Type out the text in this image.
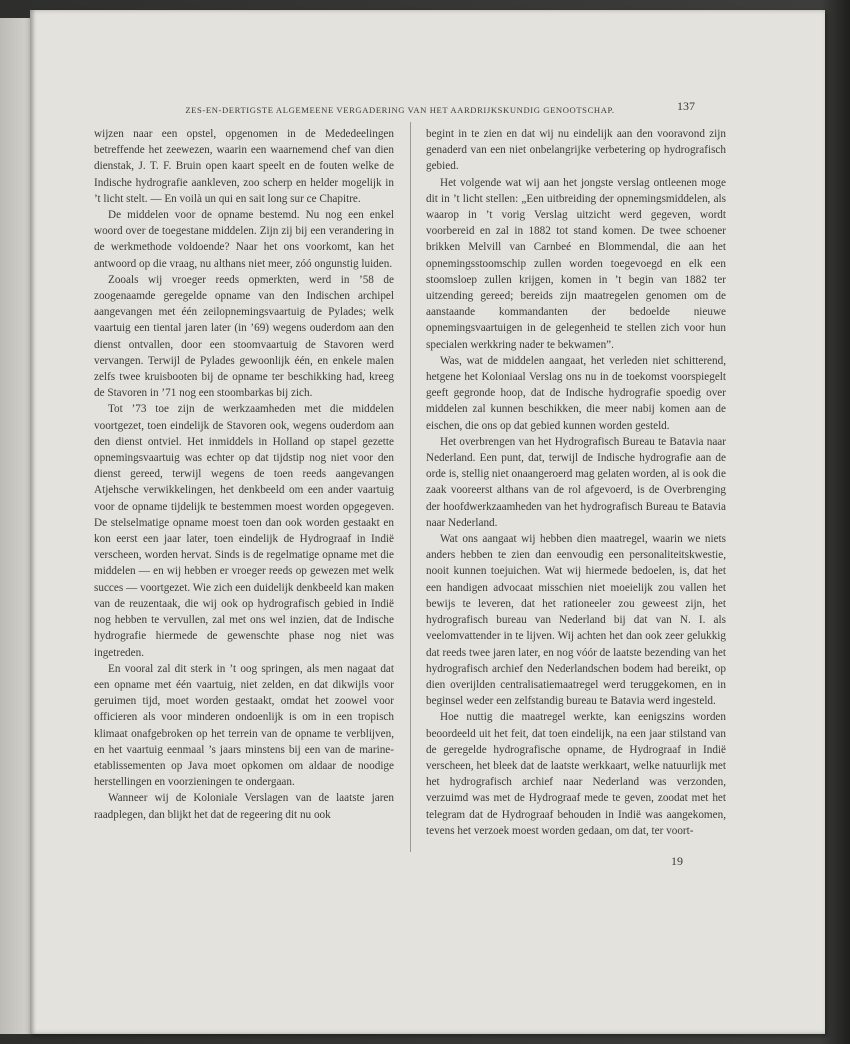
ZES-EN-DERTIGSTE ALGEMEENE VERGADERING VAN HET AARDRIJKSKUNDIG GENOOTSCHAP.	137

wijzen naar een opstel, opgenomen in de Mededeelingen betreffende het zeewezen, waarin een waarnemend chef van dien dienstak, J. T. F. Bruin open kaart speelt en de fouten welke de Indische hydrografie aankleven, zoo scherp en helder mogelijk in ’t licht stelt. — En voilà un qui en sait long sur ce Chapitre.

De middelen voor de opname bestemd. Nu nog een enkel woord over de toegestane middelen. Zijn zij bij een verandering in de werkmethode voldoende? Naar het ons voorkomt, kan het antwoord op die vraag, nu althans niet meer, zóó ongunstig luiden.

Zooals wij vroeger reeds opmerkten, werd in ’58 de zoogenaamde geregelde opname van den Indischen archipel aangevangen met één zeilopnemingsvaartuig de Pylades; welk vaartuig een tiental jaren later (in ’69) wegens ouderdom aan den dienst ontvallen, door een stoomvaartuig de Stavoren werd vervangen. Terwijl de Pylades gewoonlijk één, en enkele malen zelfs twee kruisbooten bij de opname ter beschikking had, kreeg de Stavoren in ’71 nog een stoombarkas bij zich.

Tot ’73 toe zijn de werkzaamheden met die middelen voortgezet, toen eindelijk de Stavoren ook, wegens ouderdom aan den dienst ontviel. Het inmiddels in Holland op stapel gezette opnemingsvaartuig was echter op dat tijdstip nog niet voor den dienst gereed, terwijl wegens de toen reeds aangevangen Atjehsche verwikkelingen, het denkbeeld om een ander vaartuig voor de opname tijdelijk te bestemmen moest worden opgegeven. De stelselmatige opname moest toen dan ook worden gestaakt en kon eerst een jaar later, toen eindelijk de Hydrograaf in Indië verscheen, worden hervat. Sinds is de regelmatige opname met die middelen — en wij hebben er vroeger reeds op gewezen met welk succes — voortgezet. Wie zich een duidelijk denkbeeld kan maken van de reuzentaak, die wij ook op hydrografisch gebied in Indië nog hebben te vervullen, zal met ons wel inzien, dat de Indische hydrografie hiermede de gewenschte phase nog niet was ingetreden.

En vooral zal dit sterk in ’t oog springen, als men nagaat dat een opname met één vaartuig, niet zelden, en dat dikwijls voor geruimen tijd, moet worden gestaakt, omdat het zoowel voor officieren als voor minderen ondoenlijk is om in een tropisch klimaat onafgebroken op het terrein van de opname te verblijven, en het vaartuig eenmaal ’s jaars minstens bij een van de marine-etablissementen op Java moet opkomen om aldaar de noodige herstellingen en voorzieningen te ondergaan.

Wanneer wij de Koloniale Verslagen van de laatste jaren raadplegen, dan blijkt het dat de regeering dit nu ook

begint in te zien en dat wij nu eindelijk aan den vooravond zijn genaderd van een niet onbelangrijke verbetering op hydrografisch gebied.

Het volgende wat wij aan het jongste verslag ontleenen moge dit in ’t licht stellen: „Een uitbreiding der opnemingsmiddelen, als waarop in ’t vorig Verslag uitzicht werd gegeven, wordt voorbereid en zal in 1882 tot stand komen. De twee schoener brikken Melvill van Carnbeé en Blommendal, die aan het opnemingsstoomschip zullen worden toegevoegd en elk een stoomsloep zullen krijgen, komen in ’t begin van 1882 ter uitzending gereed; bereids zijn maatregelen genomen om de aanstaande kommandanten der bedoelde nieuwe opnemingsvaartuigen in de gelegenheid te stellen zich voor hun specialen werkkring nader te bekwamen”.

Was, wat de middelen aangaat, het verleden niet schitterend, hetgene het Koloniaal Verslag ons nu in de toekomst voorspiegelt geeft gegronde hoop, dat de Indische hydrografie spoedig over middelen zal kunnen beschikken, die meer nabij komen aan de eischen, die ons op dat gebied kunnen worden gesteld.

Het overbrengen van het Hydrografisch Bureau te Batavia naar Nederland. Een punt, dat, terwijl de Indische hydrografie aan de orde is, stellig niet onaangeroerd mag gelaten worden, al is ook die zaak vooreerst althans van de rol afgevoerd, is de Overbrenging der hoofdwerkzaamheden van het hydrografisch Bureau te Batavia naar Nederland.

Wat ons aangaat wij hebben dien maatregel, waarin we niets anders hebben te zien dan eenvoudig een personaliteitskwestie, nooit kunnen toejuichen. Wat wij hiermede bedoelen, is, dat het een handigen advocaat misschien niet moeielijk zou vallen het bewijs te leveren, dat het rationeeler zou geweest zijn, het hydrografisch bureau van Nederland bij dat van N. I. als veelomvattender in te lijven. Wij achten het dan ook zeer gelukkig dat reeds twee jaren later, en nog vóór de laatste bezending van het hydrografisch archief den Nederlandschen bodem had bereikt, op dien overijlden centralisatiemaatregel werd teruggekomen, en in beginsel weder een zelfstandig bureau te Batavia werd ingesteld.

Hoe nuttig die maatregel werkte, kan eenigszins worden beoordeeld uit het feit, dat toen eindelijk, na een jaar stilstand van de geregelde hydrografische opname, de Hydrograaf in Indië verscheen, het bleek dat de laatste werkkaart, welke natuurlijk met het hydrografisch archief naar Nederland was verzonden, verzuimd was met de Hydrograaf mede te geven, zoodat met het telegram dat de Hydrograaf behouden in Indië was aangekomen, tevens het verzoek moest worden gedaan, om dat, ter voort-

19
